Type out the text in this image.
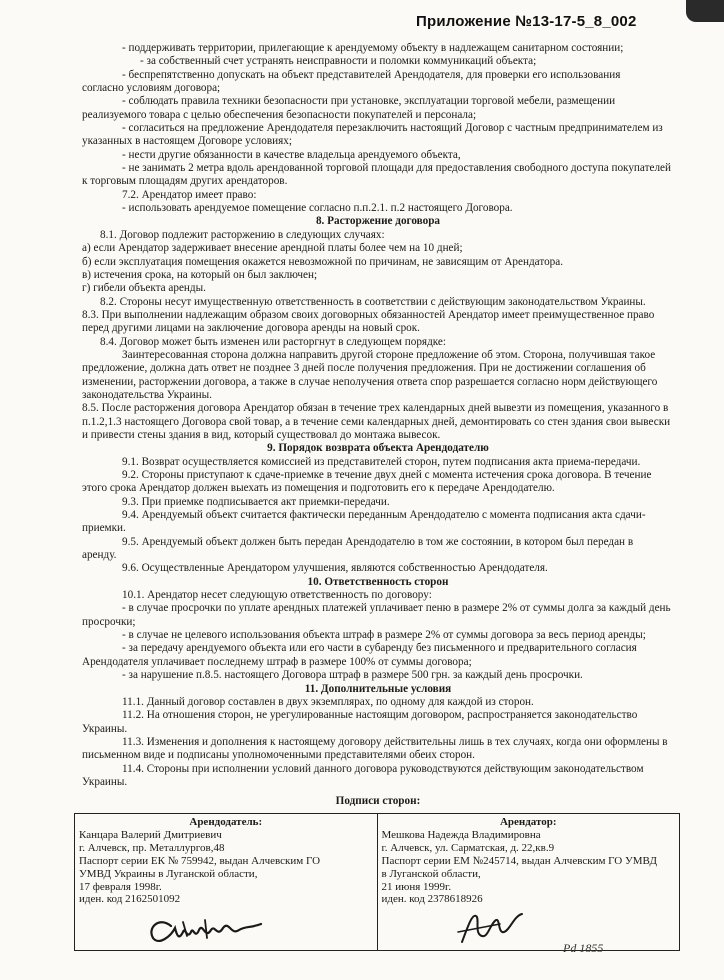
Приложение №13-17-5_8_002
- поддерживать территории, прилегающие к арендуемому объекту в надлежащем санитарном состоянии;
- за собственный счет устранять неисправности и поломки коммуникаций объекта;
- беспрепятственно допускать на объект представителей Арендодателя, для проверки его использования
согласно условиям договора;
- соблюдать правила техники безопасности при установке, эксплуатации торговой мебели, размещении
реализуемого товара с целью обеспечения безопасности покупателей и персонала;
- согласиться на предложение Арендодателя перезаключить настоящий Договор с частным предпринимателем из
указанных в настоящем Договоре условиях;
- нести другие обязанности в качестве владельца арендуемого объекта,
- не занимать 2 метра вдоль арендованной торговой площади для предоставления свободного доступа покупателей
к торговым площадям других арендаторов.
7.2. Арендатор имеет право:
- использовать арендуемое помещение согласно п.п.2.1. п.2 настоящего Договора.
8. Расторжение договора
8.1. Договор подлежит расторжению в следующих случаях:
а) если Арендатор задерживает внесение арендной платы более чем на 10 дней;
б) если эксплуатация помещения окажется невозможной по причинам, не зависящим от Арендатора.
в) истечения срока, на который он был заключен;
г) гибели объекта аренды.
8.2. Стороны несут имущественную ответственность в соответствии с действующим законодательством Украины.
8.3. При выполнении надлежащим образом своих договорных обязанностей Арендатор имеет преимущественное право
перед другими лицами на заключение договора аренды на новый срок.
8.4. Договор может быть изменен или расторгнут в следующем порядке:
Заинтересованная сторона должна направить другой стороне предложение об этом. Сторона, получившая такое
предложение, должна дать ответ не позднее 3 дней после получения предложения. При не достижении соглашения об
изменении, расторжении договора, а также в случае неполучения ответа спор разрешается согласно норм действующего
законодательства Украины.
8.5. После расторжения договора Арендатор обязан в течение трех календарных дней вывезти из помещения, указанного в
п.1.2,1.3 настоящего Договора свой товар, а в течение семи календарных дней, демонтировать со стен здания свои вывески
и привести стены здания в вид, который существовал до монтажа вывесок.
9. Порядок возврата объекта Арендодателю
9.1. Возврат осуществляется комиссией из представителей сторон, путем подписания акта приема-передачи.
9.2. Стороны приступают к сдаче-приемке в течение двух дней с момента истечения срока договора. В течение
этого срока Арендатор должен выехать из помещения и подготовить его к передаче Арендодателю.
9.3. При приемке подписывается акт приемки-передачи.
9.4. Арендуемый объект считается фактически переданным Арендодателю с момента подписания акта сдачи-
приемки.
9.5. Арендуемый объект должен быть передан Арендодателю в том же состоянии, в котором был передан в
аренду.
9.6. Осуществленные Арендатором улучшения, являются собственностью Арендодателя.
10. Ответственность сторон
10.1. Арендатор несет следующую ответственность по договору:
- в случае просрочки по уплате арендных платежей уплачивает пеню в размере 2% от суммы долга за каждый день
просрочки;
- в случае не целевого использования объекта штраф в размере 2% от суммы договора за весь период аренды;
- за передачу арендуемого объекта или его части в субаренду без письменного и предварительного согласия
Арендодателя уплачивает последнему штраф в размере 100% от суммы договора;
- за нарушение п.8.5. настоящего Договора штраф в размере 500 грн. за каждый день просрочки.
11. Дополнительные условия
11.1. Данный договор составлен в двух экземплярах, по одному для каждой из сторон.
11.2. На отношения сторон, не урегулированные настоящим договором, распространяется законодательство
Украины.
11.3. Изменения и дополнения к настоящему договору действительны лишь в тех случаях, когда они оформлены в
письменном виде и подписаны уполномоченными представителями обеих сторон.
11.4. Стороны при исполнении условий данного договора руководствуются действующим законодательством
Украины.
Подписи сторон:
Арендодатель:
Канцара Валерий Дмитриевич
г. Алчевск, пр. Металлургов,48
Паспорт серии ЕК № 759942, выдан Алчевским ГО
УМВД Украины в Луганской области,
17 февраля 1998г.
иден. код 2162501092

Арендатор:
Мешкова Надежда Владимировна
г. Алчевск, ул. Сарматская, д. 22,кв.9
Паспорт серии ЕМ №245714, выдан Алчевским ГО УМВД
в Луганской области,
21 июня 1999г.
иден. код 2378618926
Рd 1855
